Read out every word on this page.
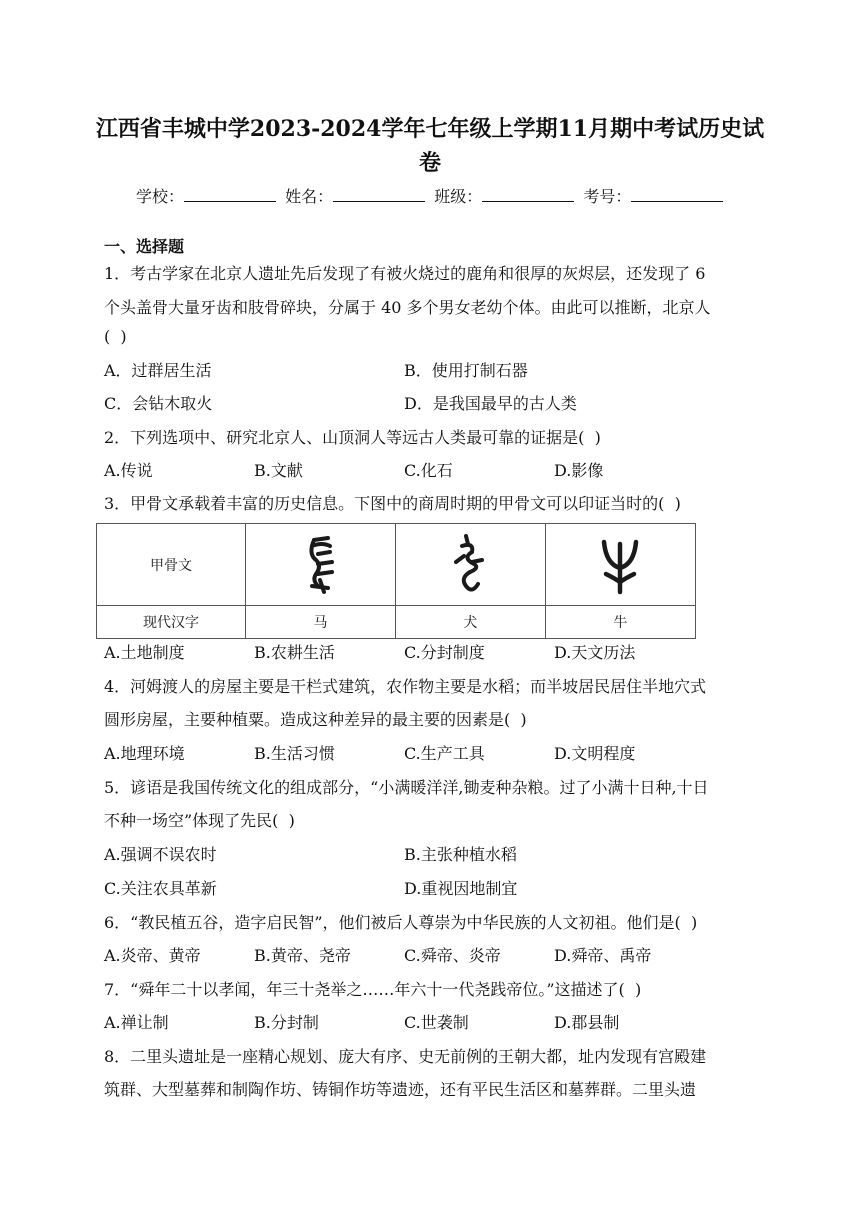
江西省丰城中学2023-2024学年七年级上学期11月期中考试历史试
卷
学校：	姓名：	班级：	考号：
一、选择题
1．考古学家在北京人遗址先后发现了有被火烧过的鹿角和很厚的灰烬层，还发现了 6
个头盖骨大量牙齿和肢骨碎块，分属于 40 多个男女老幼个体。由此可以推断，北京人
(  )
A．过群居生活	B．使用打制石器
C．会钻木取火	D．是我国最早的古人类
2．下列选项中、研究北京人、山顶洞人等远古人类最可靠的证据是(  )
A.传说	B.文献	C.化石	D.影像
3．甲骨文承载着丰富的历史信息。下图中的商周时期的甲骨文可以印证当时的(  )
甲骨文	

现代汉字	马	犬	牛
A.土地制度	B.农耕生活	C.分封制度	D.天文历法
4．河姆渡人的房屋主要是干栏式建筑，农作物主要是水稻；而半坡居民居住半地穴式
圆形房屋，主要种植粟。造成这种差异的最主要的因素是(  )
A.地理环境	B.生活习惯	C.生产工具	D.文明程度
5．谚语是我国传统文化的组成部分，“小满暖洋洋,锄麦种杂粮。过了小满十日种,十日
不种一场空”体现了先民(  )
A.强调不误农时	B.主张种植水稻
C.关注农具革新	D.重视因地制宜
6．“教民植五谷，造字启民智”，他们被后人尊崇为中华民族的人文初祖。他们是(  )
A.炎帝、黄帝	B.黄帝、尧帝	C.舜帝、炎帝	D.舜帝、禹帝
7．“舜年二十以孝闻，年三十尧举之……年六十一代尧践帝位。”这描述了(  )
A.禅让制	B.分封制	C.世袭制	D.郡县制
8．二里头遗址是一座精心规划、庞大有序、史无前例的王朝大都，址内发现有宫殿建
筑群、大型墓葬和制陶作坊、铸铜作坊等遗迹，还有平民生活区和墓葬群。二里头遗
